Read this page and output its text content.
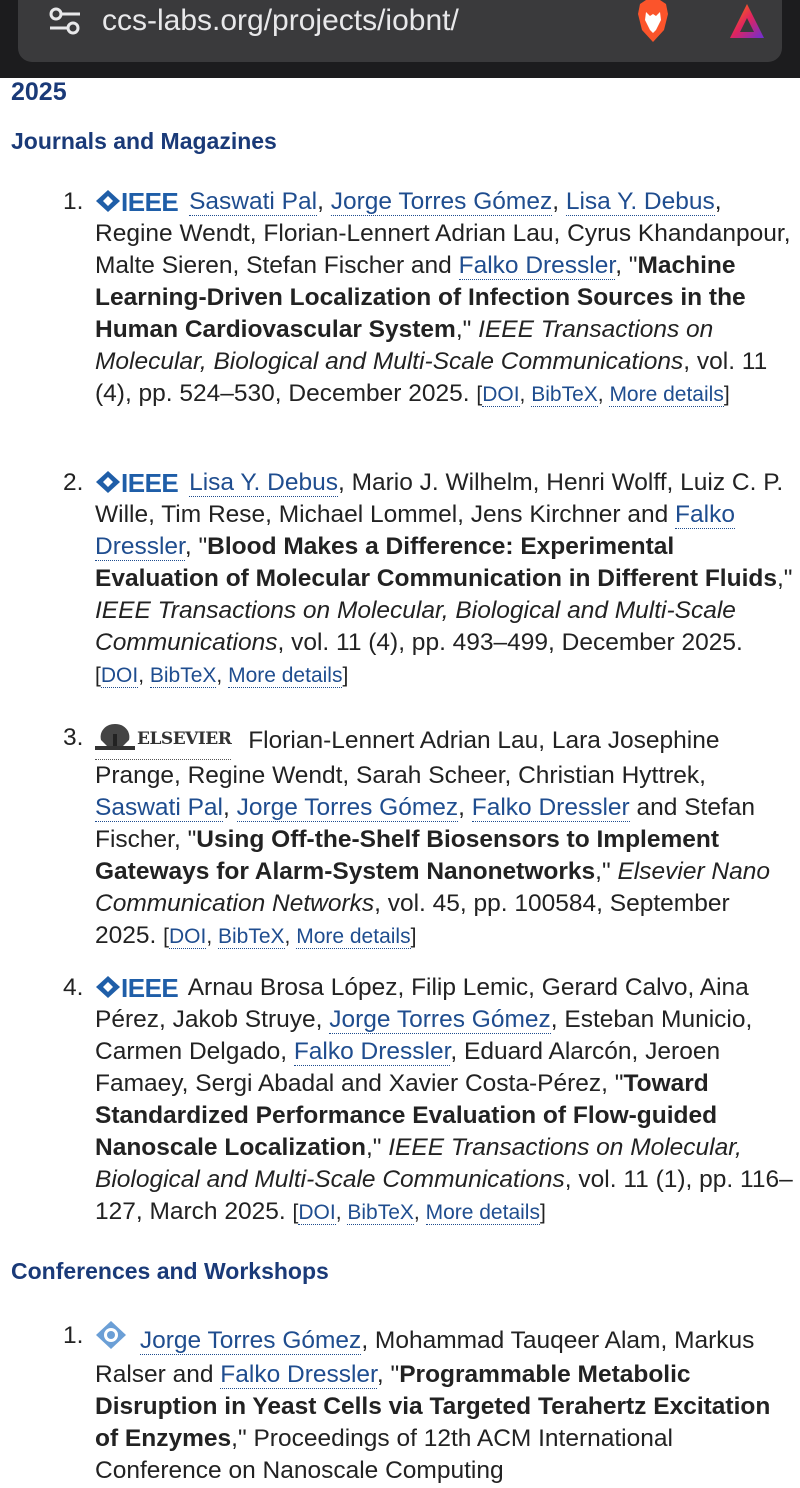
ccs-labs.org/projects/iobnt/
2025
Journals and Magazines
1. IEEE Saswati Pal, Jorge Torres Gómez, Lisa Y. Debus, Regine Wendt, Florian-Lennert Adrian Lau, Cyrus Khandanpour, Malte Sieren, Stefan Fischer and Falko Dressler, "Machine Learning-Driven Localization of Infection Sources in the Human Cardiovascular System," IEEE Transactions on Molecular, Biological and Multi-Scale Communications, vol. 11 (4), pp. 524–530, December 2025. [DOI, BibTeX, More details]
2. IEEE Lisa Y. Debus, Mario J. Wilhelm, Henri Wolff, Luiz C. P. Wille, Tim Rese, Michael Lommel, Jens Kirchner and Falko Dressler, "Blood Makes a Difference: Experimental Evaluation of Molecular Communication in Different Fluids," IEEE Transactions on Molecular, Biological and Multi-Scale Communications, vol. 11 (4), pp. 493–499, December 2025. [DOI, BibTeX, More details]
3.	$^{ELSEVIER}$ Florian-Lennert Adrian Lau, Lara Josephine Prange, Regine Wendt, Sarah Scheer, Christian Hyttrek, Saswati Pal, Jorge Torres Gómez, Falko Dressler and Stefan Fischer, "Using Off-the-Shelf Biosensors to Implement Gateways for Alarm-System Nanonetworks," Elsevier Nano Communication Networks, vol. 45, pp. 100584, September 2025. [DOI, BibTeX, More details]
4. IEEE Arnau Brosa López, Filip Lemic, Gerard Calvo, Aina Pérez, Jakob Struye, Jorge Torres Gómez, Esteban Municio, Carmen Delgado, Falko Dressler, Eduard Alarcón, Jeroen Famaey, Sergi Abadal and Xavier Costa-Pérez, "Toward Standardized Performance Evaluation of Flow-guided Nanoscale Localization," IEEE Transactions on Molecular, Biological and Multi-Scale Communications, vol. 11 (1), pp. 116–127, March 2025. [DOI, BibTeX, More details]
Conferences and Workshops
1. Jorge Torres Gómez, Mohammad Tauqeer Alam, Markus Ralser and Falko Dressler, "Programmable Metabolic Disruption in Yeast Cells via Targeted Terahertz Excitation of Enzymes," Proceedings of 12th ACM International Conference on Nanoscale Computing
